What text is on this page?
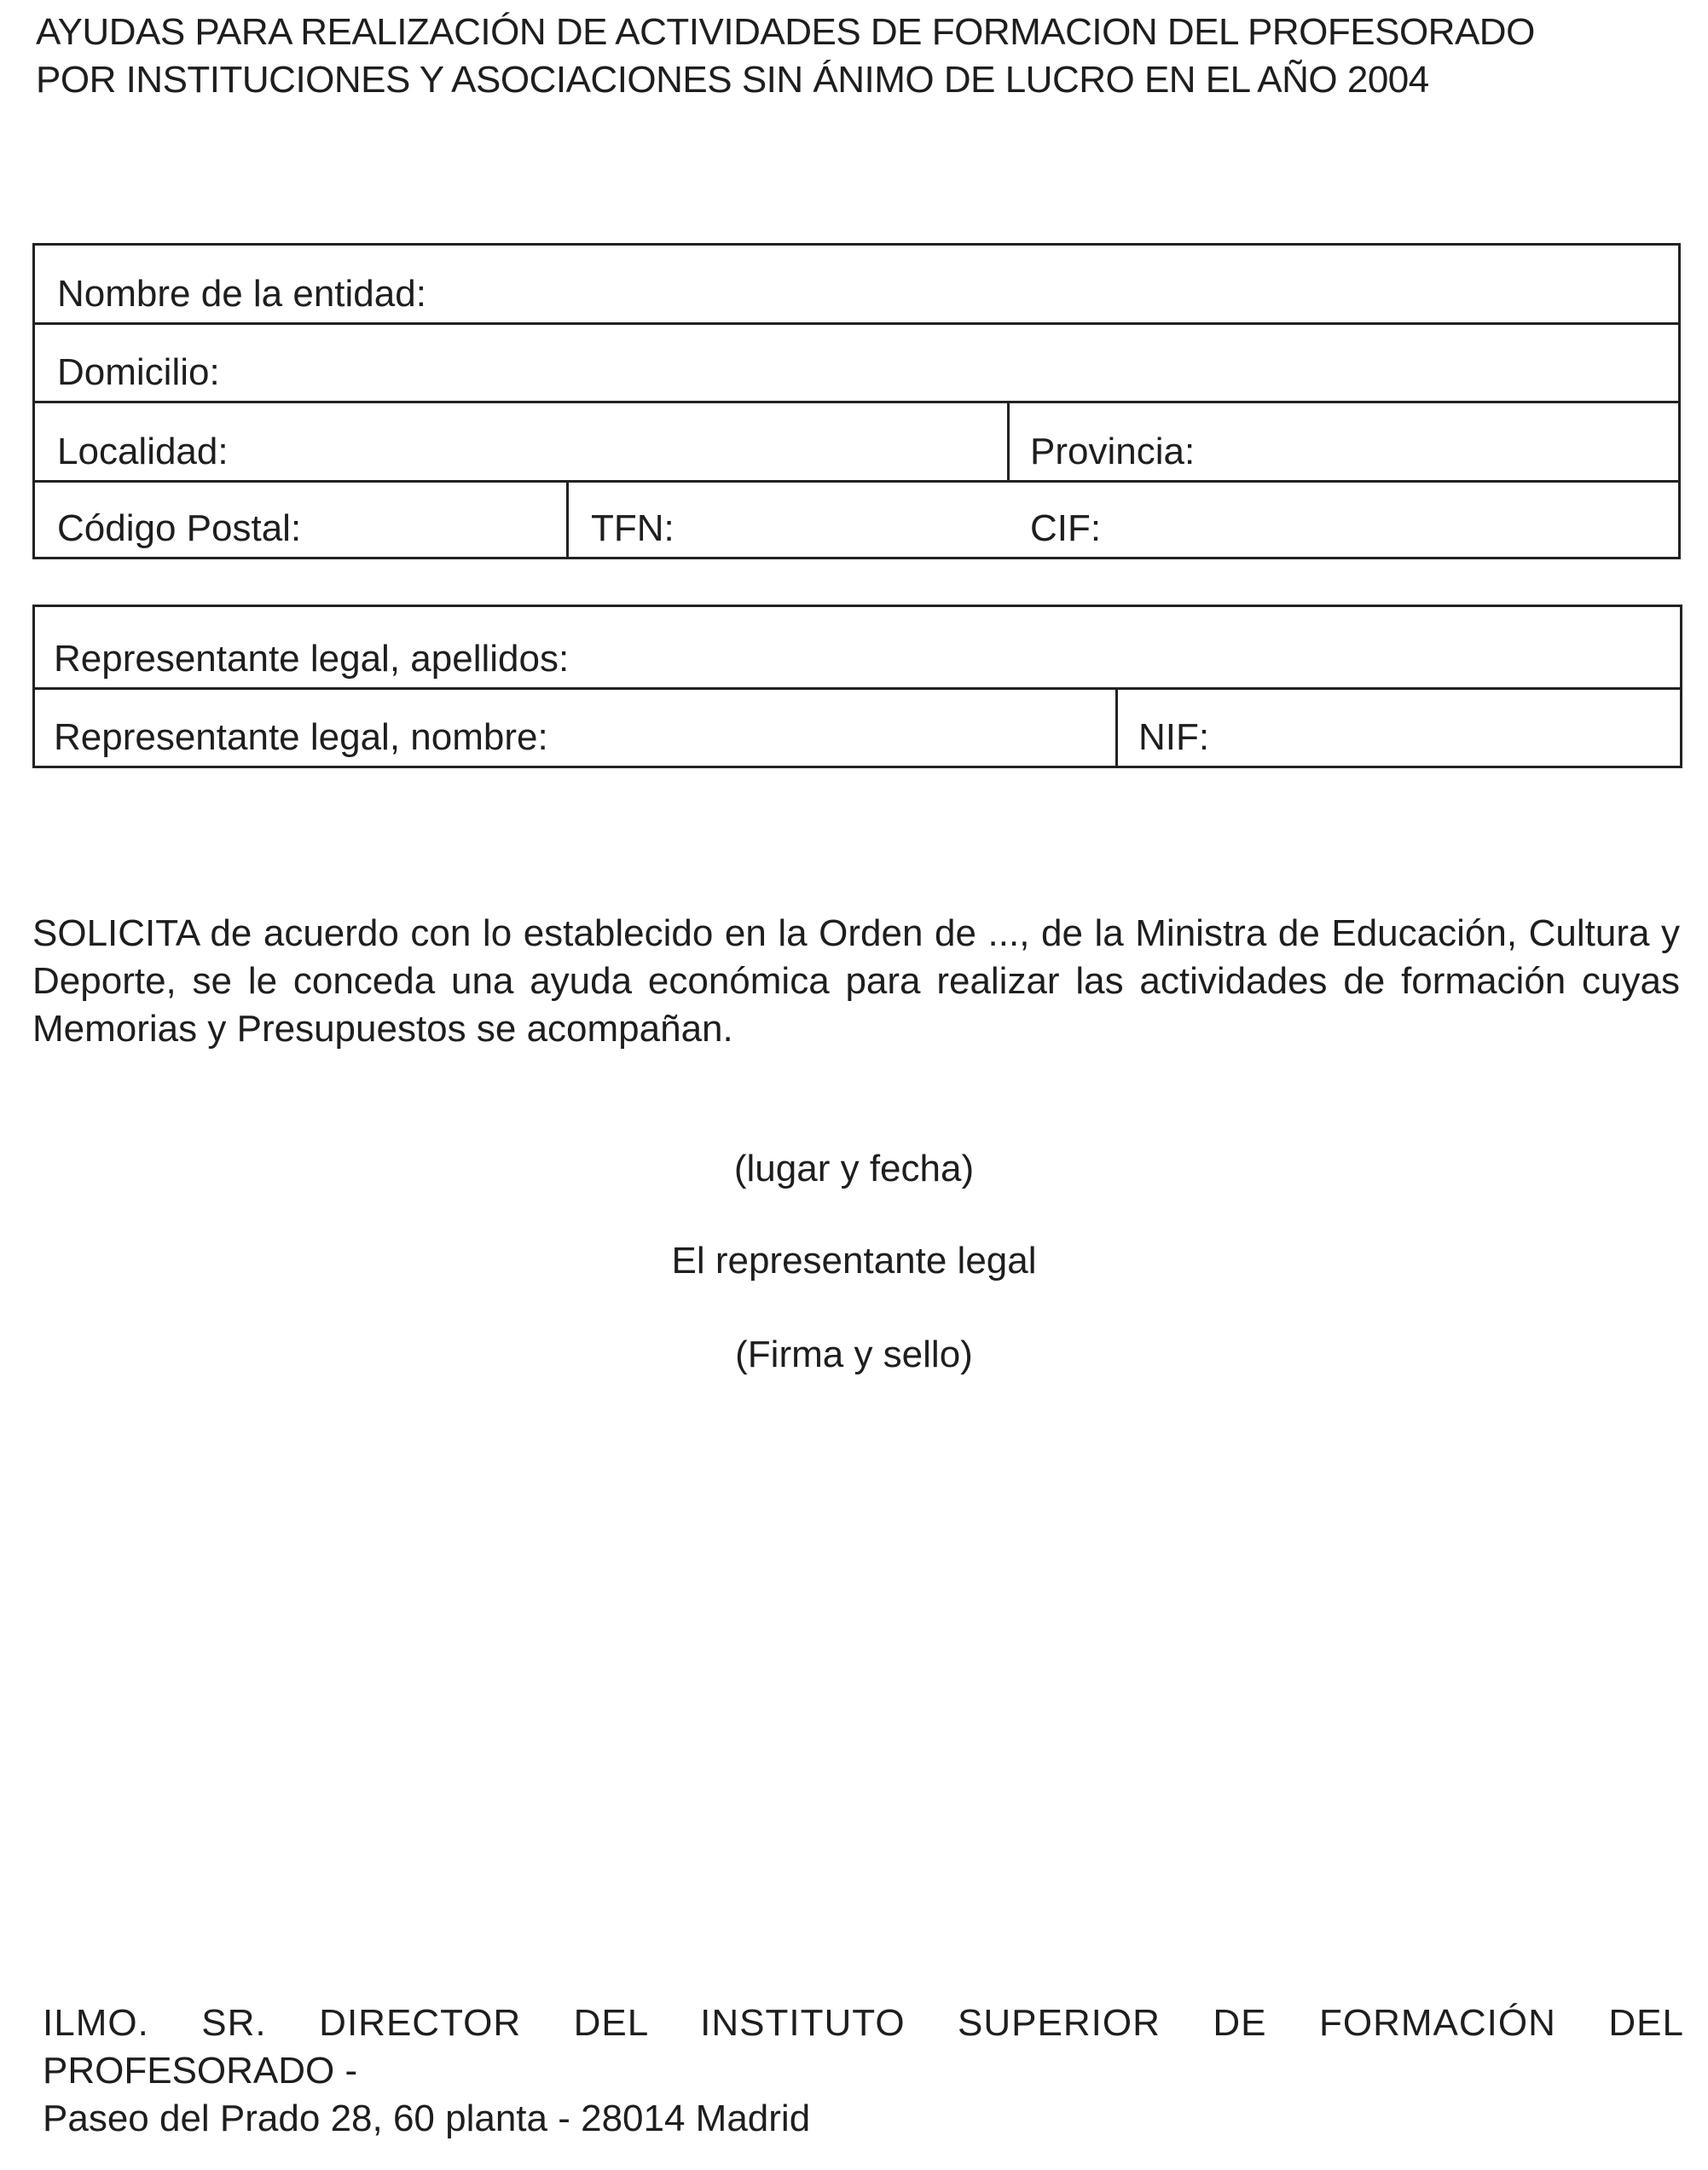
AYUDAS PARA REALIZACIÓN DE ACTIVIDADES DE FORMACION DEL PROFESORADO
POR INSTITUCIONES Y ASOCIACIONES SIN ÁNIMO DE LUCRO EN EL AÑO 2004
Nombre de la entidad:
Domicilio:
Localidad:	Provincia:
Código Postal:	TFN:	CIF:
Representante legal, apellidos:
Representante legal, nombre:	NIF:

SOLICITA de acuerdo con lo establecido en la Orden de ..., de la Ministra de Educación, Cultura y Deporte, se le conceda una ayuda económica para realizar las actividades de formación cuyas Memorias y Presupuestos se acompañan.

(lugar y fecha)
El representante legal
(Firma y sello)
ILMO. SR. DIRECTOR DEL INSTITUTO SUPERIOR DE FORMACIÓN DEL
PROFESORADO -
Paseo del Prado 28, 60 planta - 28014 Madrid
